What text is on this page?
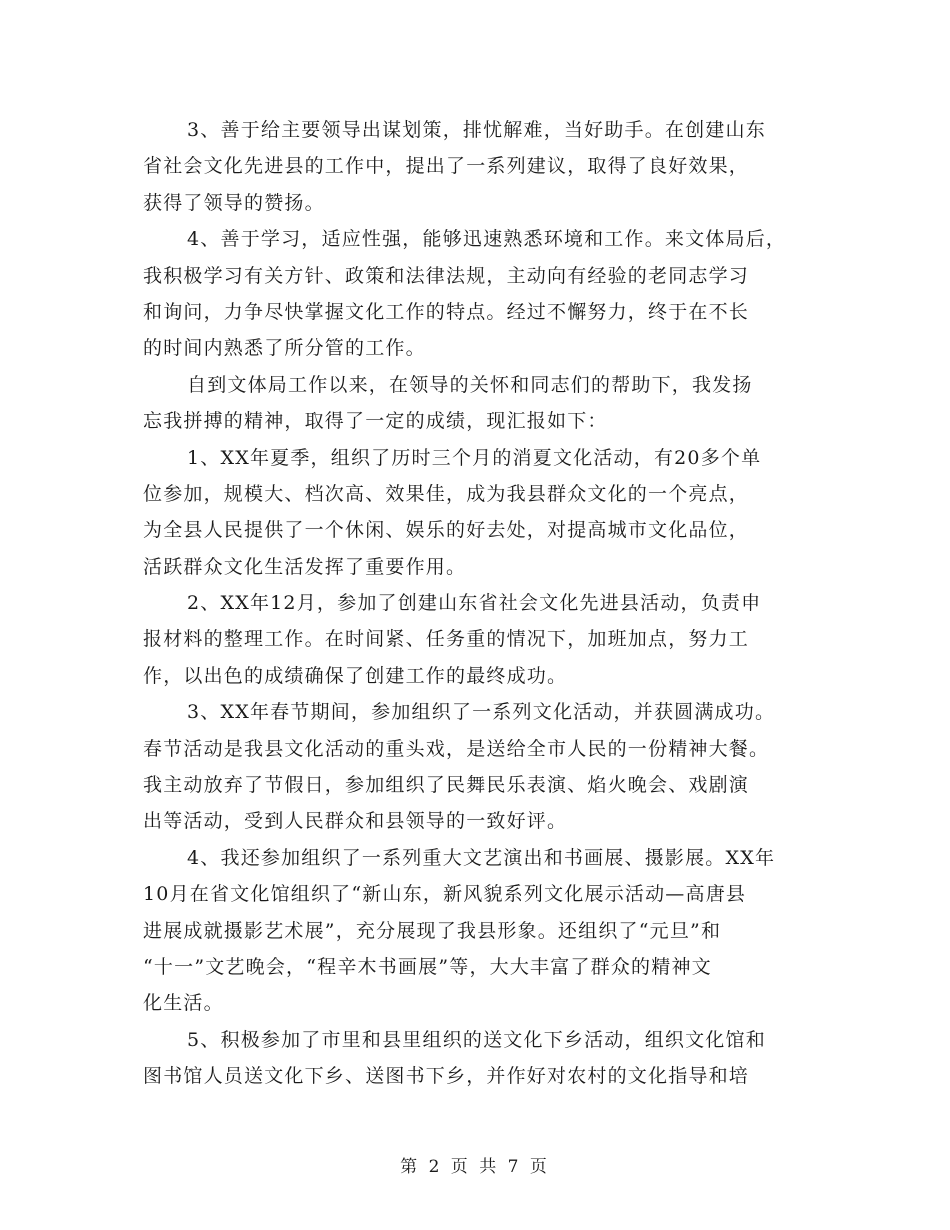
3、善于给主要领导出谋划策，排忧解难，当好助手。在创建山东
省社会文化先进县的工作中，提出了一系列建议，取得了良好效果，
获得了领导的赞扬。

4、善于学习，适应性强，能够迅速熟悉环境和工作。来文体局后，
我积极学习有关方针、政策和法律法规，主动向有经验的老同志学习
和询问，力争尽快掌握文化工作的特点。经过不懈努力，终于在不长
的时间内熟悉了所分管的工作。

自到文体局工作以来，在领导的关怀和同志们的帮助下，我发扬
忘我拼搏的精神，取得了一定的成绩，现汇报如下：

1、XX年夏季，组织了历时三个月的消夏文化活动，有20多个单
位参加，规模大、档次高、效果佳，成为我县群众文化的一个亮点，
为全县人民提供了一个休闲、娱乐的好去处，对提高城市文化品位，
活跃群众文化生活发挥了重要作用。

2、XX年12月，参加了创建山东省社会文化先进县活动，负责申
报材料的整理工作。在时间紧、任务重的情况下，加班加点，努力工
作，以出色的成绩确保了创建工作的最终成功。

3、XX年春节期间，参加组织了一系列文化活动，并获圆满成功。
春节活动是我县文化活动的重头戏，是送给全市人民的一份精神大餐。
我主动放弃了节假日，参加组织了民舞民乐表演、焰火晚会、戏剧演
出等活动，受到人民群众和县领导的一致好评。

4、我还参加组织了一系列重大文艺演出和书画展、摄影展。XX年
10月在省文化馆组织了“新山东，新风貌系列文化展示活动—高唐县
进展成就摄影艺术展”，充分展现了我县形象。还组织了“元旦”和
“十一”文艺晚会，“程辛木书画展”等，大大丰富了群众的精神文
化生活。

5、积极参加了市里和县里组织的送文化下乡活动，组织文化馆和
图书馆人员送文化下乡、送图书下乡，并作好对农村的文化指导和培

第 2 页 共 7 页
